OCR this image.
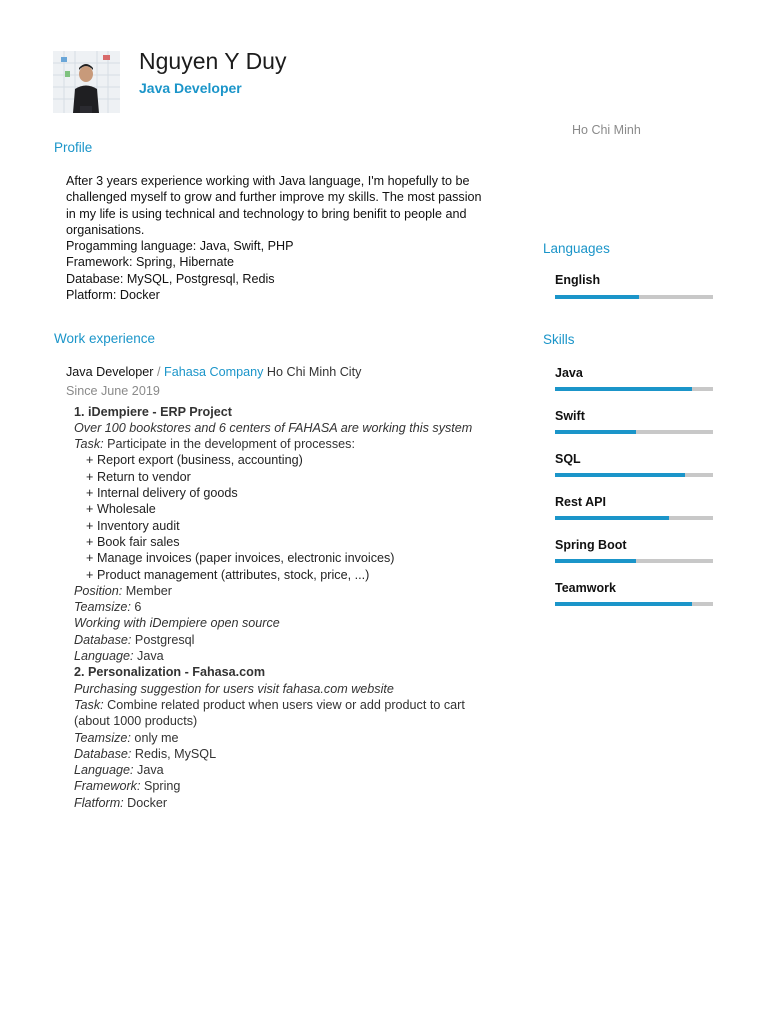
Nguyen Y Duy
Java Developer
Ho Chi Minh
Profile

After 3 years experience working with Java language, I'm hopefully to be

challenged myself to grow and further improve my skills. The most passion

in my life is using technical and technology to bring benifit to people and

organisations.

Progamming language: Java, Swift, PHP

Framework: Spring, Hibernate

Database: MySQL, Postgresql, Redis

Platform: Docker

Work experience
Java Developer / Fahasa Company Ho Chi Minh City
Since June 2019
1. iDempiere - ERP Project
Over 100 bookstores and 6 centers of FAHASA are working this system
Task: Participate in the development of processes:
+ Report export (business, accounting)
+ Return to vendor
+ Internal delivery of goods
+ Wholesale
+ Inventory audit
+ Book fair sales
+ Manage invoices (paper invoices, electronic invoices)
+ Product management (attributes, stock, price, ...)
Position: Member
Teamsize: 6
Working with iDempiere open source
Database: Postgresql
Language: Java
2. Personalization - Fahasa.com
Purchasing suggestion for users visit fahasa.com website
Task: Combine related product when users view or add product to cart
(about 1000 products)
Teamsize: only me
Database: Redis, MySQL
Language: Java
Framework: Spring
Flatform: Docker
Languages
English
Skills
Java
Swift
SQL
Rest API
Spring Boot
Teamwork
